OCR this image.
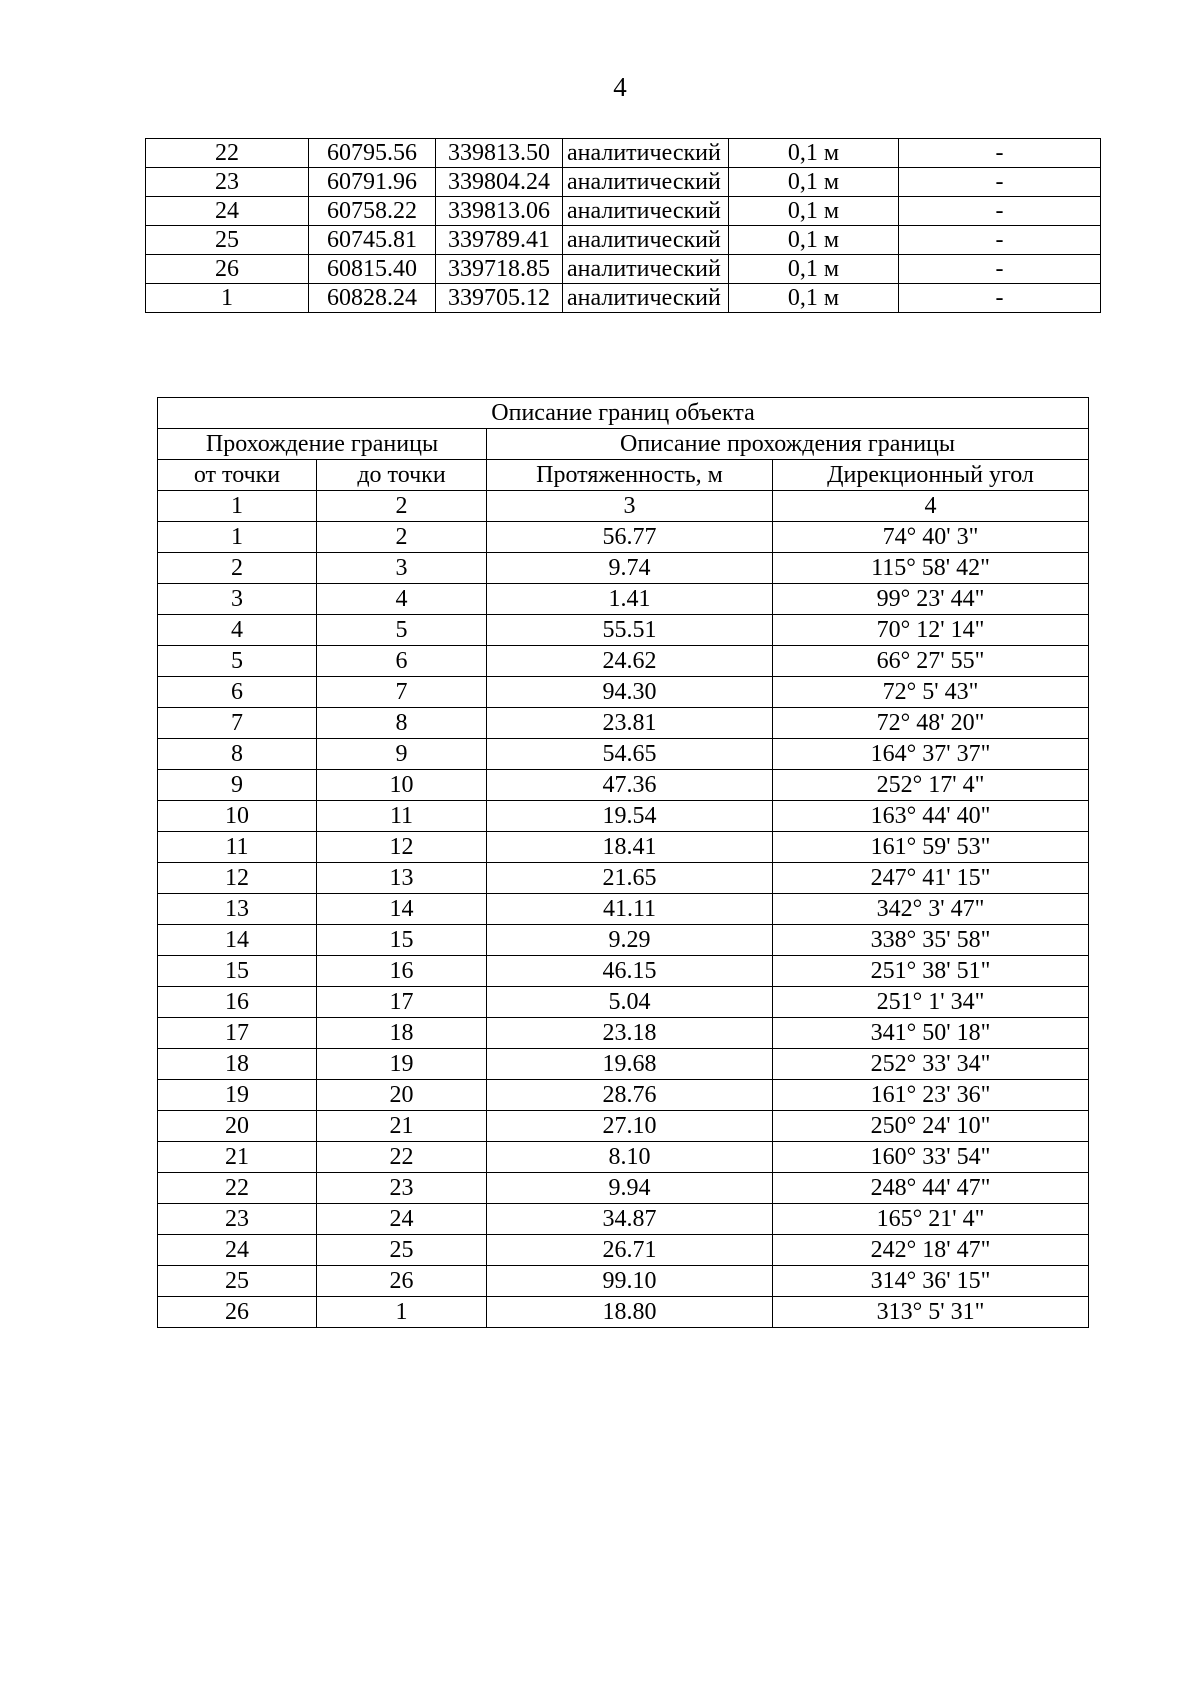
4
22	60795.56	339813.50	аналитический	0,1 м	-
23	60791.96	339804.24	аналитический	0,1 м	-
24	60758.22	339813.06	аналитический	0,1 м	-
25	60745.81	339789.41	аналитический	0,1 м	-
26	60815.40	339718.85	аналитический	0,1 м	-
1	60828.24	339705.12	аналитический	0,1 м	-
Описание границ объекта			
Прохождение границы		Описание прохождения границы	
от точки	до точки	Протяженность, м	Дирекционный угол
1	2	3	4
1	2	56.77	74° 40' 3"
2	3	9.74	115° 58' 42"
3	4	1.41	99° 23' 44"
4	5	55.51	70° 12' 14"
5	6	24.62	66° 27' 55"
6	7	94.30	72° 5' 43"
7	8	23.81	72° 48' 20"
8	9	54.65	164° 37' 37"
9	10	47.36	252° 17' 4"
10	11	19.54	163° 44' 40"
11	12	18.41	161° 59' 53"
12	13	21.65	247° 41' 15"
13	14	41.11	342° 3' 47"
14	15	9.29	338° 35' 58"
15	16	46.15	251° 38' 51"
16	17	5.04	251° 1' 34"
17	18	23.18	341° 50' 18"
18	19	19.68	252° 33' 34"
19	20	28.76	161° 23' 36"
20	21	27.10	250° 24' 10"
21	22	8.10	160° 33' 54"
22	23	9.94	248° 44' 47"
23	24	34.87	165° 21' 4"
24	25	26.71	242° 18' 47"
25	26	99.10	314° 36' 15"
26	1	18.80	313° 5' 31"
